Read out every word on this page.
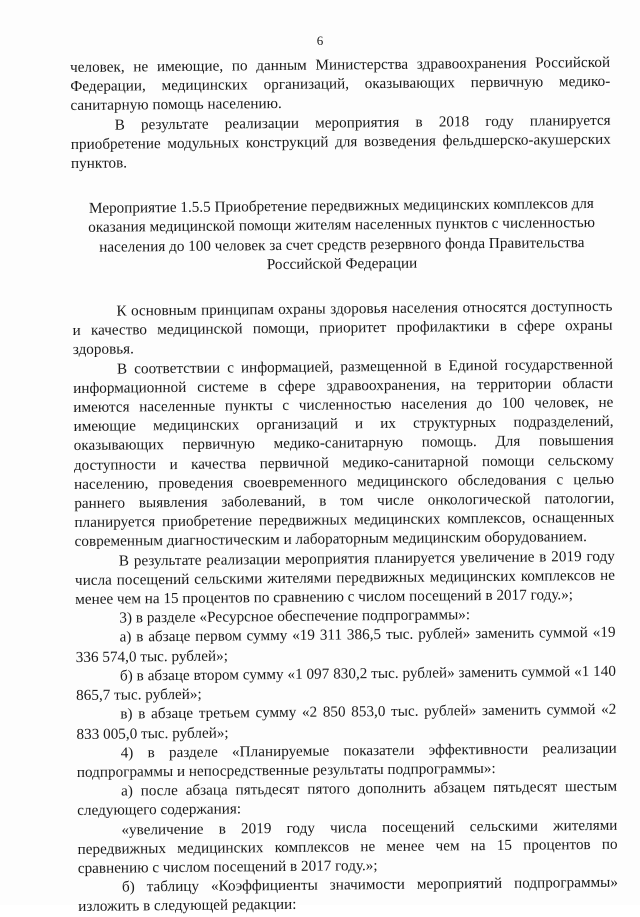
6

человек, не имеющие, по данным Министерства здравоохранения Российской Федерации, медицинских организаций, оказывающих первичную медико-санитарную помощь населению.

В результате реализации мероприятия в 2018 году планируется приобретение модульных конструкций для возведения фельдшерско-акушерских пунктов.

Мероприятие 1.5.5 Приобретение передвижных медицинских комплексов для оказания медицинской помощи жителям населенных пунктов с численностью населения до 100 человек за счет средств резервного фонда Правительства Российской Федерации

К основным принципам охраны здоровья населения относятся доступность и качество медицинской помощи, приоритет профилактики в сфере охраны здоровья.

В соответствии с информацией, размещенной в Единой государственной информационной системе в сфере здравоохранения, на территории области имеются населенные пункты с численностью населения до 100 человек, не имеющие медицинских организаций и их структурных подразделений, оказывающих первичную медико-санитарную помощь. Для повышения доступности и качества первичной медико-санитарной помощи сельскому населению, проведения своевременного медицинского обследования с целью раннего выявления заболеваний, в том числе онкологической патологии, планируется приобретение передвижных медицинских комплексов, оснащенных современным диагностическим и лабораторным медицинским оборудованием.

В результате реализации мероприятия планируется увеличение в 2019 году числа посещений сельскими жителями передвижных медицинских комплексов не менее чем на 15 процентов по сравнению с числом посещений в 2017 году.»;

3) в разделе «Ресурсное обеспечение подпрограммы»:

а) в абзаце первом сумму «19 311 386,5 тыс. рублей» заменить суммой «19 336 574,0 тыс. рублей»;

б) в абзаце втором сумму «1 097 830,2 тыс. рублей» заменить суммой «1 140 865,7 тыс. рублей»;

в) в абзаце третьем сумму «2 850 853,0 тыс. рублей» заменить суммой «2 833 005,0 тыс. рублей»;

4) в разделе «Планируемые показатели эффективности реализации подпрограммы и непосредственные результаты подпрограммы»:

а) после абзаца пятьдесят пятого дополнить абзацем пятьдесят шестым следующего содержания:

«увеличение в 2019 году числа посещений сельскими жителями передвижных медицинских комплексов не менее чем на 15 процентов по сравнению с числом посещений в 2017 году.»;

б) таблицу «Коэффициенты значимости мероприятий подпрограммы» изложить в следующей редакции:
